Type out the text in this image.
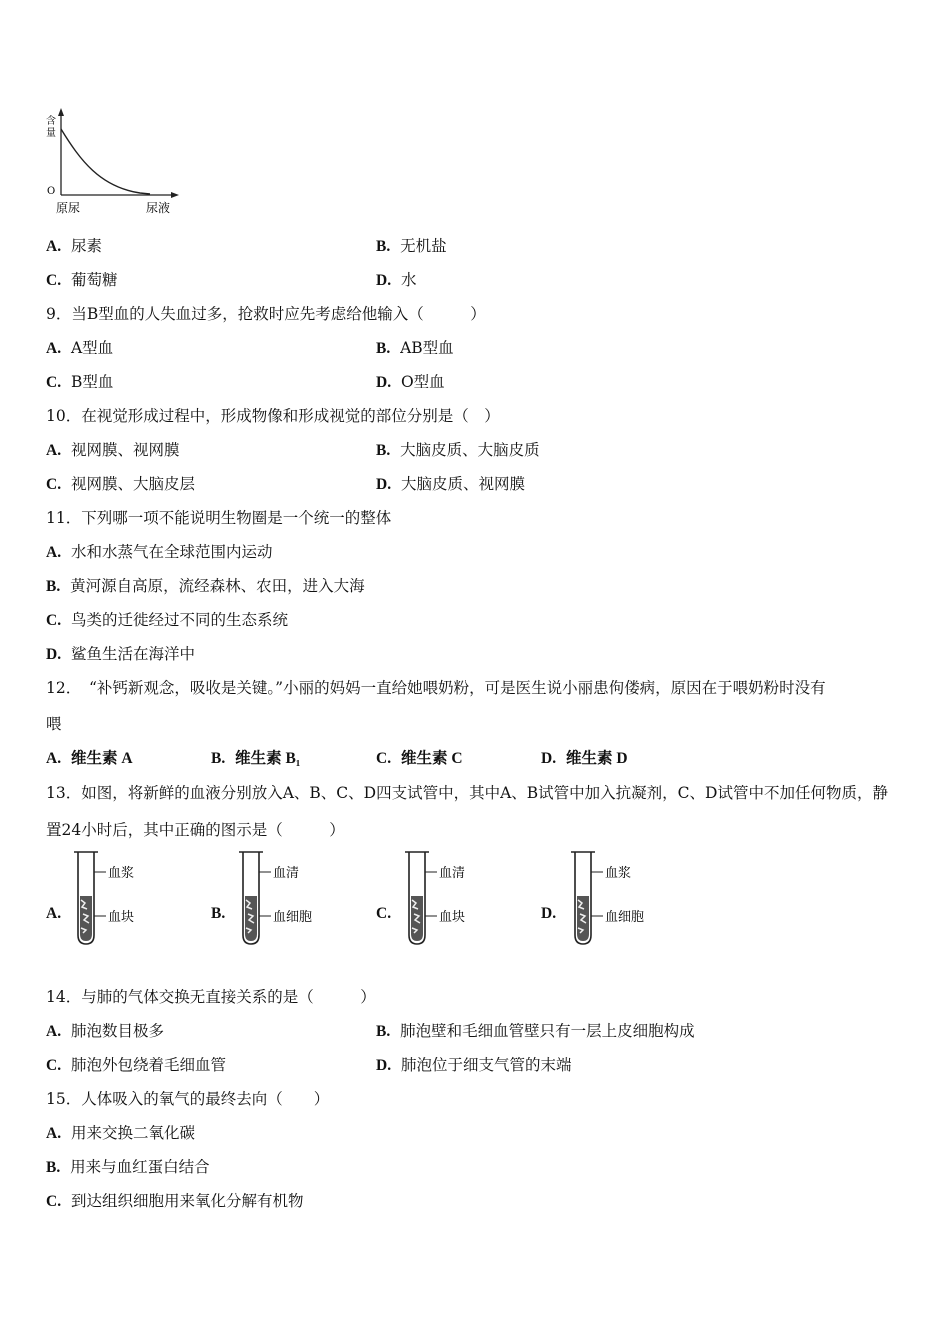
含
量
O
原尿	尿液
A. 尿素	B. 无机盐
C. 葡萄糖	D. 水
9．当B型血的人失血过多，抢救时应先考虑给他输入（　　　）
A. A型血	B. AB型血
C. B型血	D. O型血
10．在视觉形成过程中，形成物像和形成视觉的部位分别是（　）
A. 视网膜、视网膜	B. 大脑皮质、大脑皮质
C. 视网膜、大脑皮层	D. 大脑皮质、视网膜
11．下列哪一项不能说明生物圈是一个统一的整体
A. 水和水蒸气在全球范围内运动
B. 黄河源自高原，流经森林、农田，进入大海
C. 鸟类的迁徙经过不同的生态系统
D. 鲨鱼生活在海洋中
12．　“补钙新观念，吸收是关键。”小丽的妈妈一直给她喂奶粉，可是医生说小丽患佝偻病，原因在于喂奶粉时没有
喂
A. 维生素 A	B. 维生素 B₁	C. 维生素 C	D. 维生素 D
13．如图，将新鲜的血液分别放入A、B、C、D四支试管中，其中A、B试管中加入抗凝剂，C、D试管中不加任何物质，静
置24小时后，其中正确的图示是（　　　）
A.
血浆
血块	B.
血清
血细胞	C.
血清
血块	D.
血浆
血细胞
14．与肺的气体交换无直接关系的是（　　　）
A. 肺泡数目极多	B. 肺泡壁和毛细血管壁只有一层上皮细胞构成
C. 肺泡外包绕着毛细血管	D. 肺泡位于细支气管的末端
15．人体吸入的氧气的最终去向（　　）
A. 用来交换二氧化碳
B. 用来与血红蛋白结合
C. 到达组织细胞用来氧化分解有机物
